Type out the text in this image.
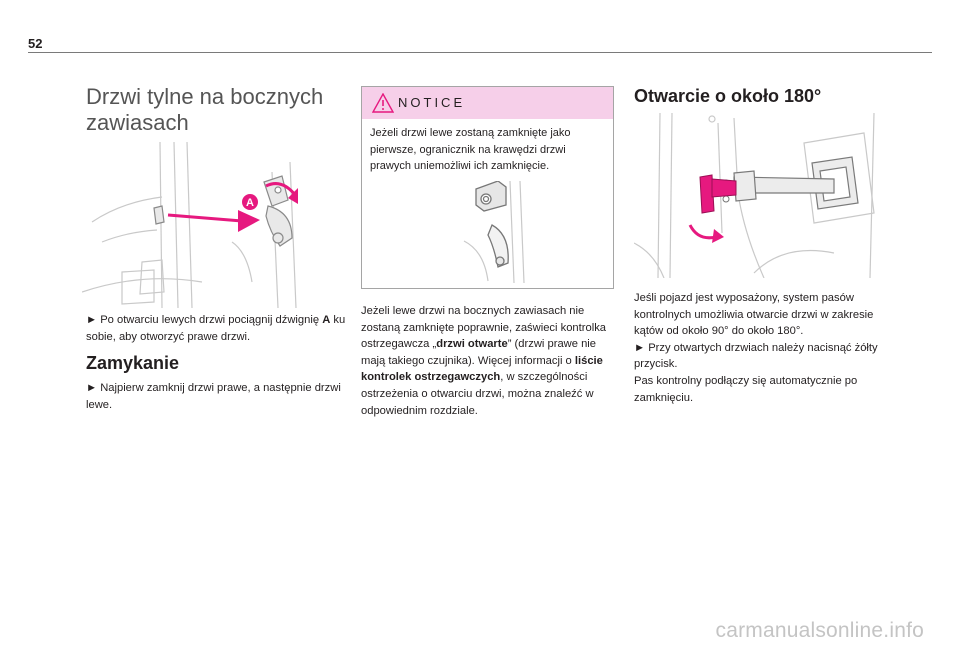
52
Drzwi tylne na bocznych zawiasach
A
► Po otwarciu lewych drzwi pociągnij dźwignię A ku sobie, aby otworzyć prawe drzwi.
Zamykanie
► Najpierw zamknij drzwi prawe, a następnie drzwi lewe.
NOTICE
Jeżeli drzwi lewe zostaną zamknięte jako pierwsze, ogranicznik na krawędzi drzwi prawych uniemożliwi ich zamknięcie.
Jeżeli lewe drzwi na bocznych zawiasach nie zostaną zamknięte poprawnie, zaświeci kontrolka ostrzegawcza „drzwi otwarte” (drzwi prawe nie mają takiego czujnika). Więcej informacji o liście kontrolek ostrzegawczych, w szczególności ostrzeżenia o otwarciu drzwi, można znaleźć w odpowiednim rozdziale.
Otwarcie o około 180°
Jeśli pojazd jest wyposażony, system pasów kontrolnych umożliwia otwarcie drzwi w zakresie kątów od około 90° do około 180°.
► Przy otwartych drzwiach należy nacisnąć żółty przycisk.
Pas kontrolny podłączy się automatycznie po zamknięciu.
carmanualsonline.info
